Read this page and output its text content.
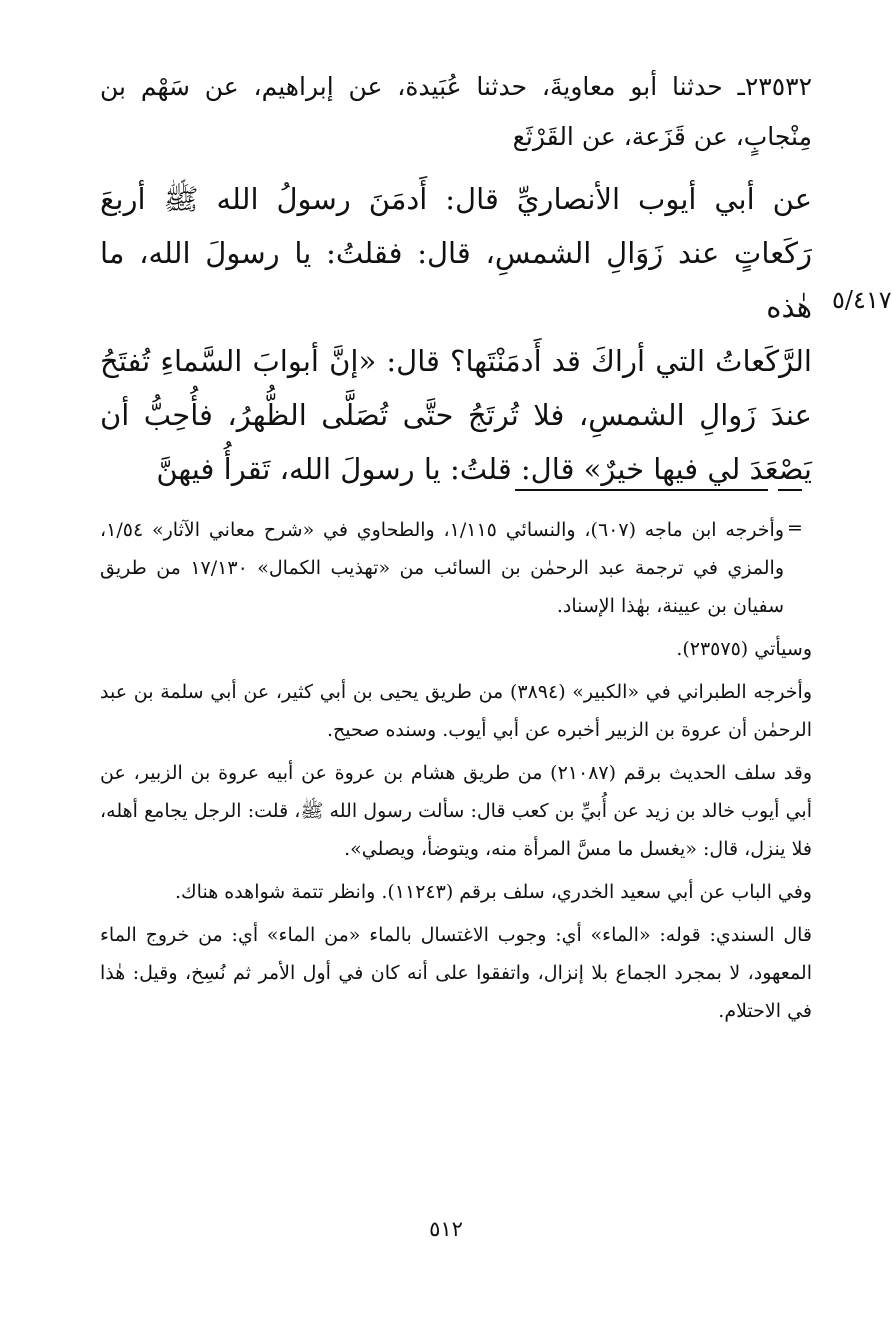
٢٣٥٣٢ـ حدثنا أبو معاويةَ، حدثنا عُبَيدة، عن إبراهيم، عن سَهْم بن مِنْجابٍ، عن قَزَعة، عن القَرْثَع
عن أبي أيوب الأنصاريِّ قال: أَدمَنَ رسولُ الله ﷺ أربعَ
رَكَعاتٍ عند زَوَالِ الشمسِ، قال: فقلتُ: يا رسولَ الله، ما هٰذه
الرَّكَعاتُ التي أراكَ قد أَدمَنْتَها؟ قال: «إنَّ أبوابَ السَّماءِ تُفتَحُ
عندَ زَوالِ الشمسِ، فلا تُرتَجُ حتَّى تُصَلَّى الظُّهرُ، فأُحِبُّ أن
يَصْعَدَ لي فيها خيرٌ» قال: قلتُ: يا رسولَ الله، تَقرأُ فيهنَّ
٥/٤١٧
=

وأخرجه ابن ماجه (٦٠٧)، والنسائي ١/١١٥، والطحاوي في «شرح معاني الآثار» ١/٥٤، والمزي في ترجمة عبد الرحمٰن بن السائب من «تهذيب الكمال» ١٧/١٣٠ من طريق سفيان بن عيينة، بهٰذا الإسناد.

وسيأتي (٢٣٥٧٥).

وأخرجه الطبراني في «الكبير» (٣٨٩٤) من طريق يحيى بن أبي كثير، عن أبي سلمة بن عبد الرحمٰن أن عروة بن الزبير أخبره عن أبي أيوب. وسنده صحيح.

وقد سلف الحديث برقم (٢١٠٨٧) من طريق هشام بن عروة عن أبيه عروة بن الزبير، عن أبي أيوب خالد بن زيد عن أُبيِّ بن كعب قال: سألت رسول الله ﷺ، قلت: الرجل يجامع أهله، فلا ينزل، قال: «يغسل ما مسَّ المرأة منه، ويتوضأ، ويصلي».

وفي الباب عن أبي سعيد الخدري، سلف برقم (١١٢٤٣). وانظر تتمة شواهده هناك.

قال السندي: قوله: «الماء» أي: وجوب الاغتسال بالماء «من الماء» أي: من خروج الماء المعهود، لا بمجرد الجماع بلا إنزال، واتفقوا على أنه كان في أول الأمر ثم نُسِخ، وقيل: هٰذا في الاحتلام.

٥١٢
